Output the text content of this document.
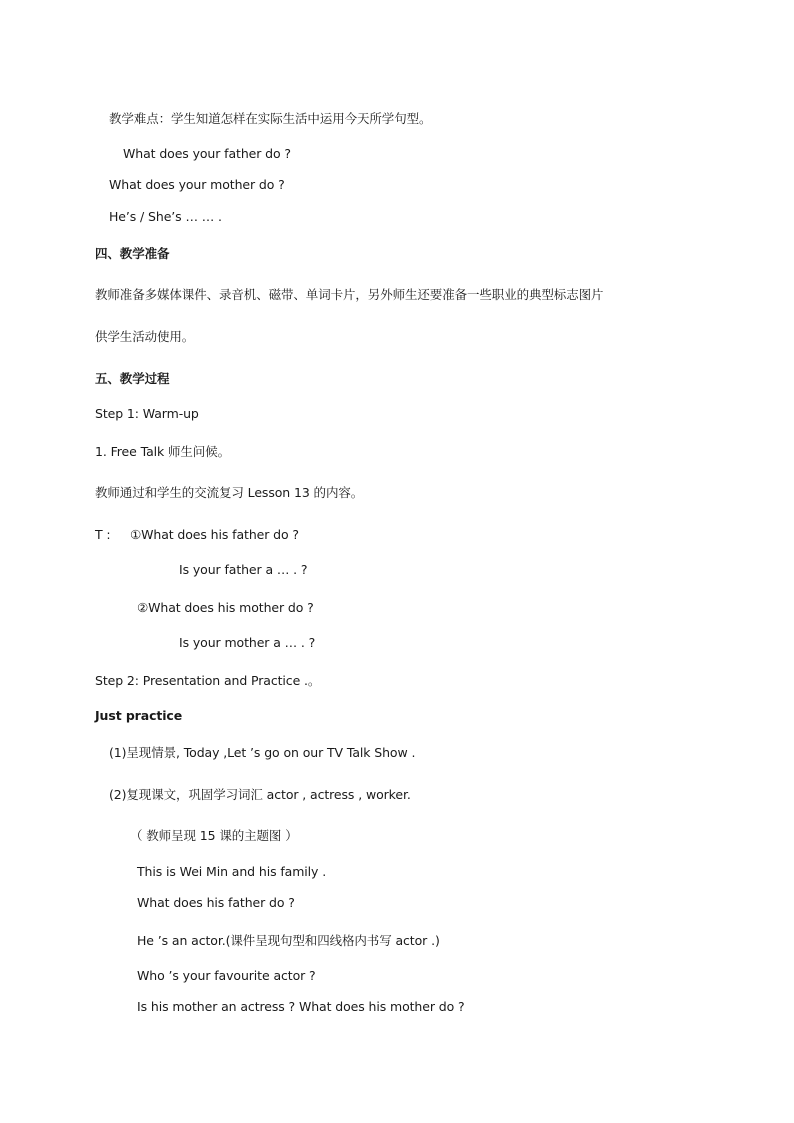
教学难点：学生知道怎样在实际生活中运用今天所学句型。
What does your father do ?
What does your mother do ?
He’s / She’s … … .
四、教学准备
教师准备多媒体课件、录音机、磁带、单词卡片，另外师生还要准备一些职业的典型标志图片
供学生活动使用。
五、教学过程
Step 1: Warm-up
1. Free Talk 师生问候。
教师通过和学生的交流复习 Lesson 13 的内容。
T : ①What does his father do ?
Is your father a … . ?
②What does his mother do ?
Is your mother a … . ?
Step 2: Presentation and Practice .。
Just practice
(1)呈现情景, Today ,Let ’s go on our TV Talk Show .
(2)复现课文，巩固学习词汇 actor , actress , worker.
（ 教师呈现 15 课的主题图 ）
This is Wei Min and his family .
What does his father do ?
He ’s an actor.(课件呈现句型和四线格内书写 actor .)
Who ’s your favourite actor ?
Is his mother an actress ? What does his mother do ?
